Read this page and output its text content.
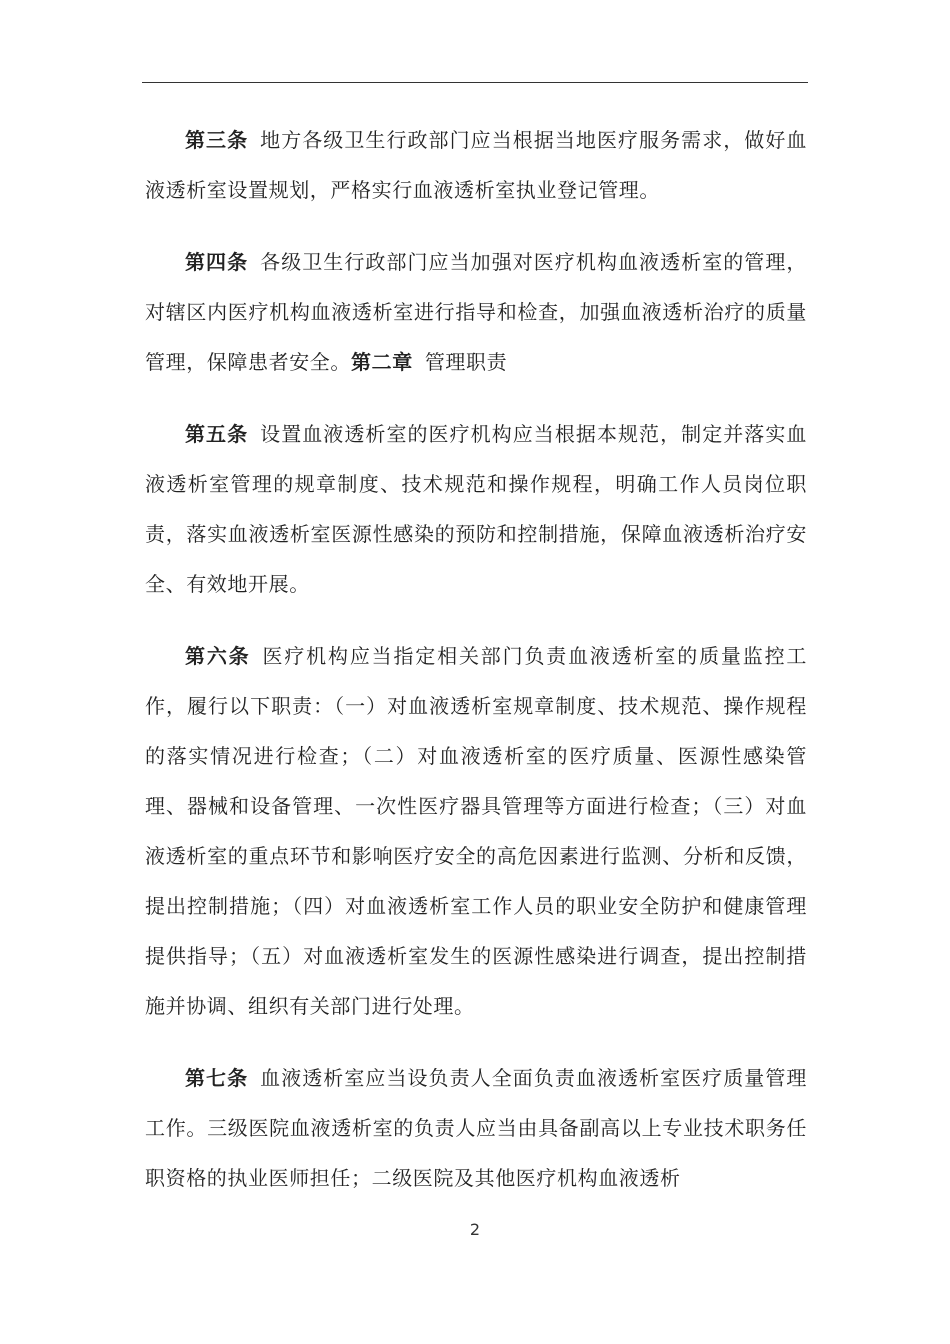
第三条 地方各级卫生行政部门应当根据当地医疗服务需求，做好血液透析室设置规划，严格实行血液透析室执业登记管理。

第四条 各级卫生行政部门应当加强对医疗机构血液透析室的管理，对辖区内医疗机构血液透析室进行指导和检查，加强血液透析治疗的质量管理，保障患者安全。第二章 管理职责

第五条 设置血液透析室的医疗机构应当根据本规范，制定并落实血液透析室管理的规章制度、技术规范和操作规程，明确工作人员岗位职责，落实血液透析室医源性感染的预防和控制措施，保障血液透析治疗安全、有效地开展。

第六条 医疗机构应当指定相关部门负责血液透析室的质量监控工作，履行以下职责：（一）对血液透析室规章制度、技术规范、操作规程的落实情况进行检查；（二）对血液透析室的医疗质量、医源性感染管理、器械和设备管理、一次性医疗器具管理等方面进行检查；（三）对血液透析室的重点环节和影响医疗安全的高危因素进行监测、分析和反馈，提出控制措施；（四）对血液透析室工作人员的职业安全防护和健康管理提供指导；（五）对血液透析室发生的医源性感染进行调查，提出控制措施并协调、组织有关部门进行处理。

第七条 血液透析室应当设负责人全面负责血液透析室医疗质量管理工作。三级医院血液透析室的负责人应当由具备副高以上专业技术职务任职资格的执业医师担任；二级医院及其他医疗机构血液透析

2
